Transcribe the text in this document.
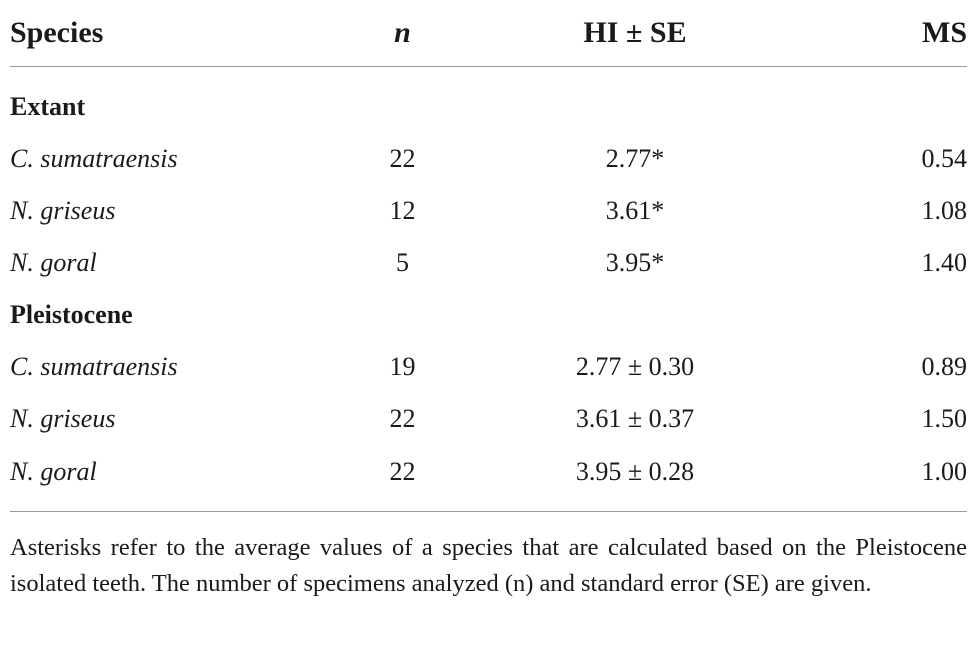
Species	n	HI ± SE	MS
Extant			
C. sumatraensis	22	2.77*	0.54
N. griseus	12	3.61*	1.08
N. goral	5	3.95*	1.40
Pleistocene			
C. sumatraensis	19	2.77 ± 0.30	0.89
N. griseus	22	3.61 ± 0.37	1.50
N. goral	22	3.95 ± 0.28	1.00
Asterisks refer to the average values of a species that are calculated based on the Pleistocene isolated teeth. The number of specimens analyzed (n) and standard error (SE) are given.
